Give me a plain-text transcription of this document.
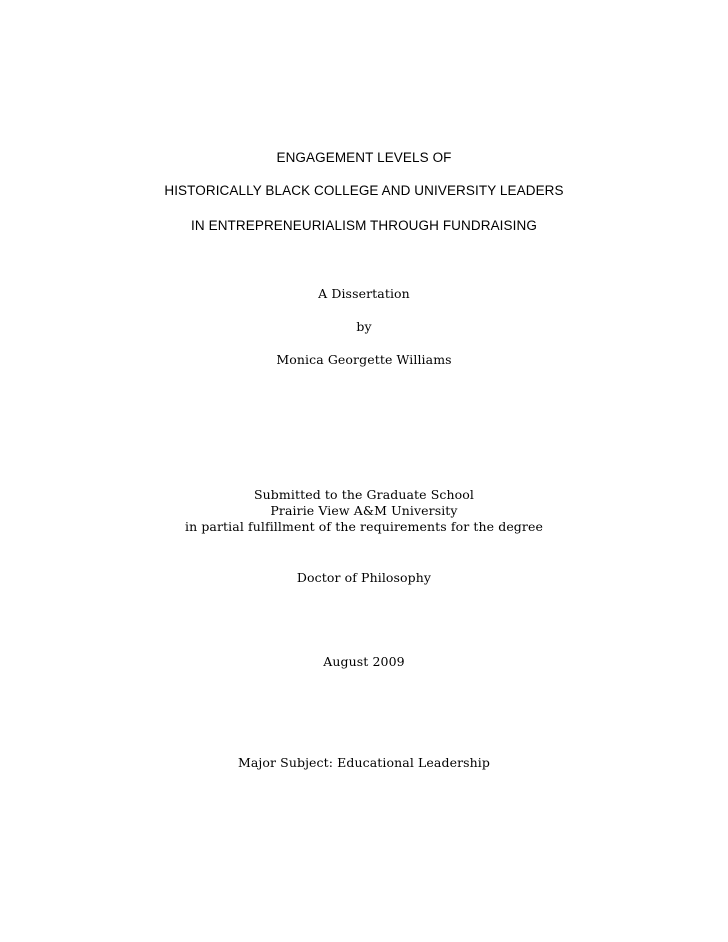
ENGAGEMENT LEVELS OF
HISTORICALLY BLACK COLLEGE AND UNIVERSITY LEADERS
IN ENTREPRENEURIALISM THROUGH FUNDRAISING
A Dissertation
by
Monica Georgette Williams
Submitted to the Graduate School
Prairie View A&M University
in partial fulfillment of the requirements for the degree
Doctor of Philosophy
August 2009
Major Subject: Educational Leadership
